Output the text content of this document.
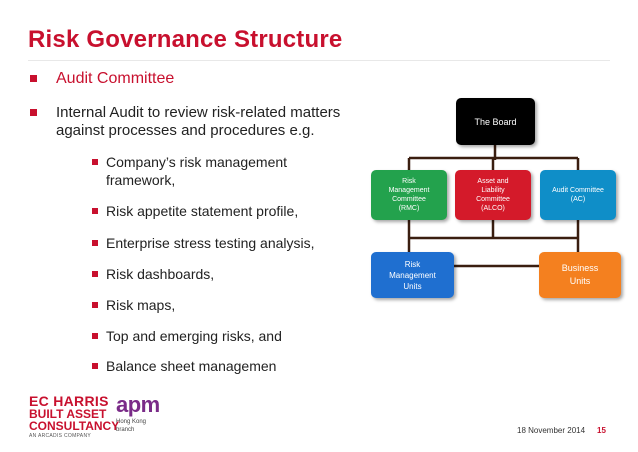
Risk Governance Structure
Audit Committee
Internal Audit to review risk-related matters
against processes and procedures e.g.
Company’s risk management
framework,
Risk appetite statement profile,
Enterprise stress testing analysis,
Risk dashboards,
Risk maps,
Top and emerging risks, and
Balance sheet managemen
The Board
Risk
Management
Committee
(RMC)
Asset and
Liability
Committee
(ALCO)
Audit Committee
(AC)
Risk
Management
Units
Business
Units
EC HARRIS
BUILT ASSET
CONSULTANCY
AN ARCADIS COMPANY
apm
Hong Kong
branch	18 November 2014 15
